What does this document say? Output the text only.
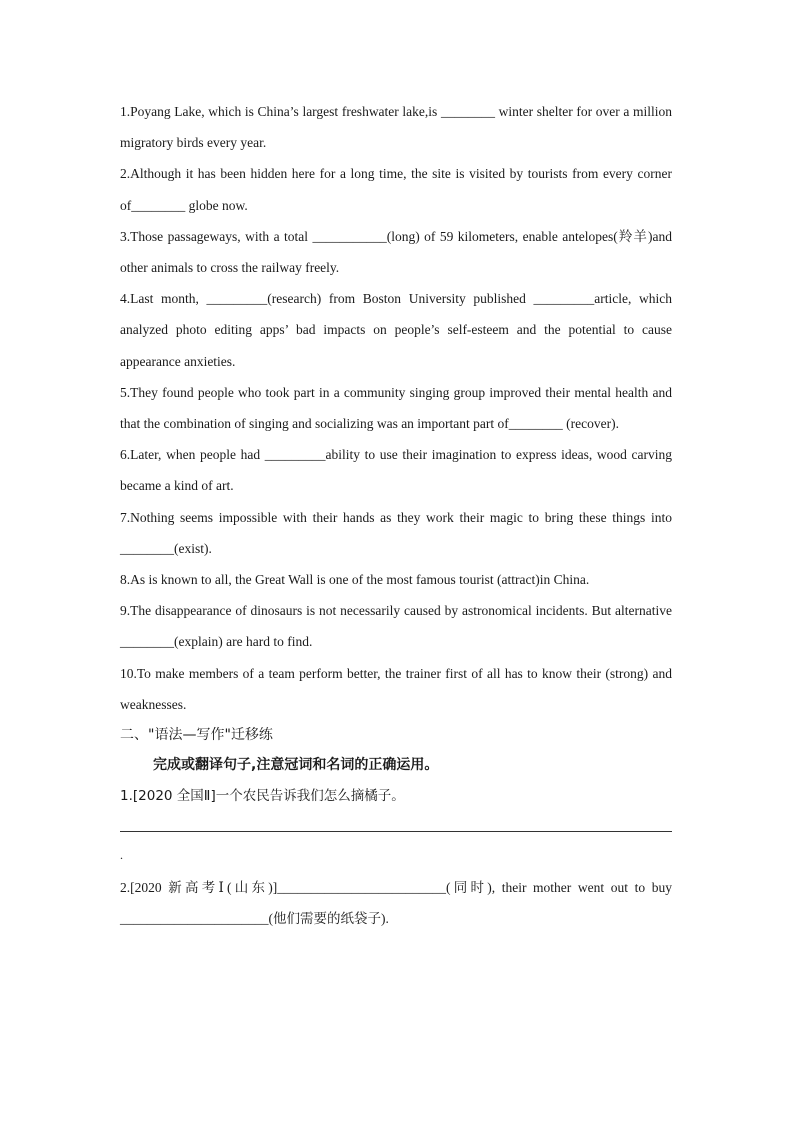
1.Poyang Lake, which is China’s largest freshwater lake,is ________ winter shelter for over a million migratory birds every year.
2.Although it has been hidden here for a long time, the site is visited by tourists from every corner of________ globe now.
3.Those passageways, with a total ___________(long) of 59 kilometers, enable antelopes(羚羊)and other animals to cross the railway freely.
4.Last month, _________(research) from Boston University published _________article, which analyzed photo editing apps’ bad impacts on people’s self-esteem and the potential to cause appearance anxieties.
5.They found people who took part in a community singing group improved their mental health and that the combination of singing and socializing was an important part of________ (recover).
6.Later, when people had _________ability to use their imagination to express ideas, wood carving became a kind of art.
7.Nothing seems impossible with their hands as they work their magic to bring these things into ________(exist).
8.As is known to all, the Great Wall is one of the most famous tourist (attract)in China.
9.The disappearance of dinosaurs is not necessarily caused by astronomical incidents. But alternative ________(explain) are hard to find.
10.To make members of a team perform better, the trainer first of all has to know their (strong) and weaknesses.
二、"语法—写作"迁移练
完成或翻译句子,注意冠词和名词的正确运用。
1.[2020 全国Ⅱ]一个农民告诉我们怎么摘橘子。
.
2.[2020 新高考Ⅰ(山东)]_________________________(同时), their mother went out to buy ______________________(他们需要的纸袋子).
